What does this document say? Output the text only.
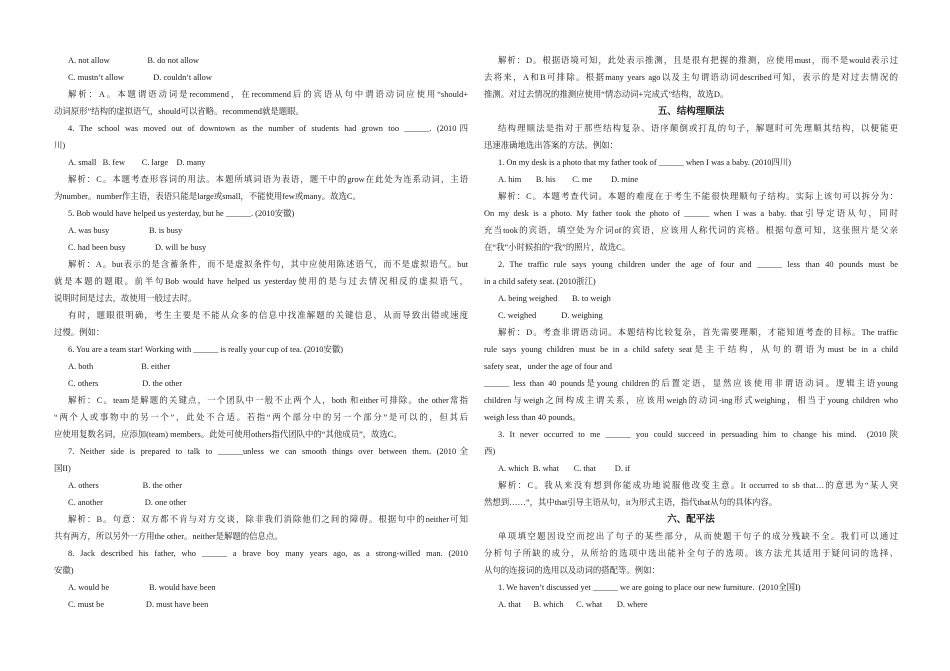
A. not allow                  B. do not allow
C. mustn’t allow              D. couldn’t allow
解析：A。本题谓语动词是recommend，在recommend后的宾语从句中谓语动词应使用“should+
动词原形”结构的虚拟语气，should可以省略。recommend就是题眼。
4. The school was moved out of downtown as the number of students had grown too ______. (2010四
川)
A. small   B. few        C. large    D. many
解析：C。本题考查形容词的用法。本题所填词语为表语，题干中的grow在此处为连系动词，主语
为number。number作主语，表语只能是large或small，不能使用few或many。故选C。
5. Bob would have helped us yesterday, but he ______. (2010安徽)
A. was busy                   B. is busy
C. had been busy              D. will be busy
解析：A。but表示的是含蓄条件，而不是虚拟条件句，其中应使用陈述语气，而不是虚拟语气。but
就是本题的题眼。前半句Bob would have helped us yesterday使用的是与过去情况相反的虚拟语气，
说明时间是过去，故使用一般过去时。
有时，题眼很明确，考生主要是不能从众多的信息中找准解题的关键信息，从而导致出错或速度
过慢。例如：
6. You are a team star! Working with ______ is really your cup of tea. (2010安徽)
A. both                       B. either
C. others                     D. the other
解析：C。team是解题的关键点，一个团队中一般不止两个人，both 和either可排除。the other常指
“两个人或事物中的另一个”，此处不合适。若指“两个部分中的另一个部分”是可以的，但其后
应使用复数名词，应添加(team) members。此处可使用others指代团队中的“其他成员”，故选C。
7. Neither side is prepared to talk to ______unless we can smooth things over between them. (2010全
国II)
A. others                     B. the other
C. another                    D. one other
解析：B。句意：双方都不肯与对方交谈，除非我们消除他们之间的障碍。根据句中的neither可知
共有两方，所以另外一方用the other。neither是解题的信息点。
8. Jack described his father, who ______ a brave boy many years ago, as a strong-willed man. (2010
安徽)
A. would be                   B. would have been
C. must be                    D. must have been
解析：D。根据语境可知，此处表示推测，且是很有把握的推测，应使用must，而不是would表示过
去将来，A和B可排除。根据many years ago以及主句谓语动词described可知，表示的是对过去情况的
推测。对过去情况的推测应使用“情态动词+完成式”结构，故选D。
五、结构理顺法
结构理顺法是指对于那些结构复杂、语序颠倒或打乱的句子，解题时可先理顺其结构，以便能更
迅速准确地选出答案的方法。例如：
1. On my desk is a photo that my father took of ______ when I was a baby. (2010四川)
A. him       B. his        C. me         D. mine
解析：C。本题考查代词。本题的难度在于考生不能很快理顺句子结构。实际上该句可以拆分为：
On my desk is a photo. My father took the photo of ______ when I was a baby. that引导定语从句，同时
充当took的宾语，填空处为介词of的宾语，应该用人称代词的宾格。根据句意可知，这张照片是父亲
在“我”小时候拍的“我”的照片，故选C。
2. The traffic rule says young children under the age of four and ______ less than 40 pounds must be
in a child safety seat. (2010浙江)
A. being weighed       B. to weigh
C. weighed            D. weighing
解析：D。考查非谓语动词。本题结构比较复杂，首先需要理顺，才能知道考查的目标。The traffic
rule says young children must be in a child safety seat是主干结构，从句的谓语为must be in a child
safety seat，under the age of four and
______ less than 40 pounds是young children的后置定语，显然应该使用非谓语动词。逻辑主语young
children与weigh之间构成主谓关系，应该用weigh的动词-ing形式weighing，相当于young children who
weigh less than 40 pounds。
3. It never occurred to me ______ you could succeed in persuading him to change his mind.  (2010陕
西)
A. which  B. what       C. that         D. if
解析：C。我从来没有想到你能成功地说服他改变主意。It occurred to sb that…的意思为“某人突
然想到……”，其中that引导主语从句，it为形式主语，指代that从句的具体内容。
六、配平法
单项填空题因设空而挖出了句子的某些部分，从而使题干句子的成分残缺不全。我们可以通过
分析句子所缺的成分，从所给的选项中选出能补全句子的选项。该方法尤其适用于疑问词的选择、
从句的连接词的选用以及动词的搭配等。例如：
1. We haven’t discussed yet ______ we are going to place our new furniture.  (2010全国I)
A. that      B. which      C. what       D. where
